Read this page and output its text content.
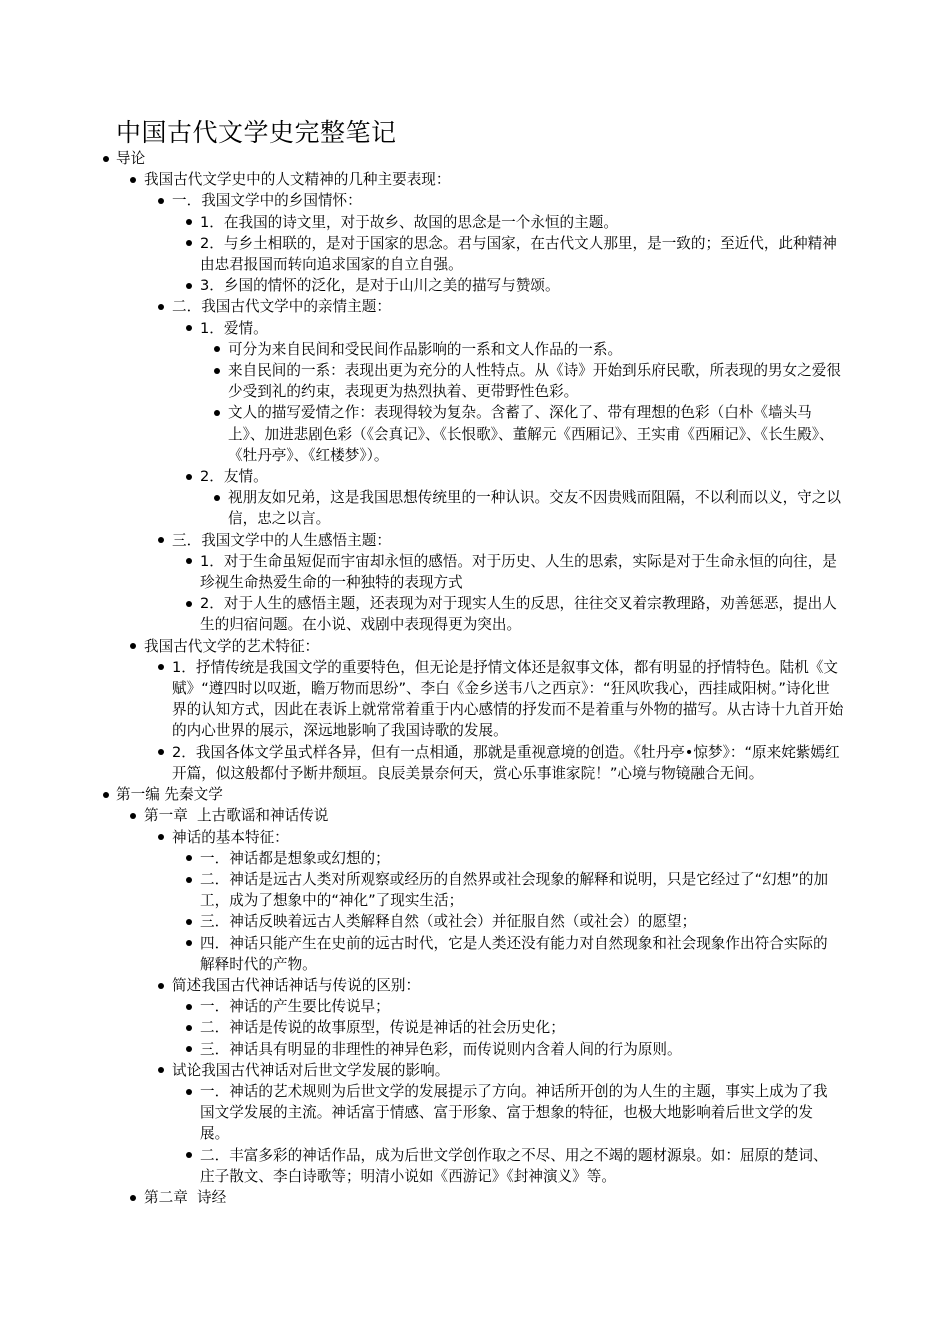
中国古代文学史完整笔记
导论
我国古代文学史中的人文精神的几种主要表现：
一．我国文学中的乡国情怀：
1．在我国的诗文里，对于故乡、故国的思念是一个永恒的主题。
2．与乡土相联的，是对于国家的思念。君与国家，在古代文人那里，是一致的；至近代，此种精神由忠君报国而转向追求国家的自立自强。
3．乡国的情怀的泛化，是对于山川之美的描写与赞颂。
二．我国古代文学中的亲情主题：
1．爱情。
可分为来自民间和受民间作品影响的一系和文人作品的一系。
来自民间的一系：表现出更为充分的人性特点。从《诗》开始到乐府民歌，所表现的男女之爱很少受到礼的约束，表现更为热烈执着、更带野性色彩。
文人的描写爱情之作：表现得较为复杂。含蓄了、深化了、带有理想的色彩（白朴《墙头马上》、加进悲剧色彩（《会真记》、《长恨歌》、董解元《西厢记》、王实甫《西厢记》、《长生殿》、《牡丹亭》、《红楼梦》）。
2．友情。
视朋友如兄弟，这是我国思想传统里的一种认识。交友不因贵贱而阻隔，不以利而以义，守之以信，忠之以言。
三．我国文学中的人生感悟主题：
1．对于生命虽短促而宇宙却永恒的感悟。对于历史、人生的思索，实际是对于生命永恒的向往，是珍视生命热爱生命的一种独特的表现方式
2．对于人生的感悟主题，还表现为对于现实人生的反思，往往交叉着宗教理路，劝善惩恶，提出人生的归宿问题。在小说、戏剧中表现得更为突出。
我国古代文学的艺术特征：
1．抒情传统是我国文学的重要特色，但无论是抒情文体还是叙事文体，都有明显的抒情特色。陆机《文赋》“遵四时以叹逝，瞻万物而思纷”、李白《金乡送韦八之西京》：“狂风吹我心，西挂咸阳树。”诗化世界的认知方式，因此在表诉上就常常着重于内心感情的抒发而不是着重与外物的描写。从古诗十九首开始的内心世界的展示，深远地影响了我国诗歌的发展。
2．我国各体文学虽式样各异，但有一点相通，那就是重视意境的创造。《牡丹亭•惊梦》：“原来姹紫嫣红开篇，似这般都付予断井颓垣。良辰美景奈何天，赏心乐事谁家院！”心境与物镜融合无间。
第一编 先秦文学
第一章  上古歌谣和神话传说
神话的基本特征：
一．神话都是想象或幻想的；
二．神话是远古人类对所观察或经历的自然界或社会现象的解释和说明，只是它经过了“幻想”的加工，成为了想象中的“神化”了现实生活；
三．神话反映着远古人类解释自然（或社会）并征服自然（或社会）的愿望；
四．神话只能产生在史前的远古时代，它是人类还没有能力对自然现象和社会现象作出符合实际的解释时代的产物。
简述我国古代神话神话与传说的区别：
一．神话的产生要比传说早；
二．神话是传说的故事原型，传说是神话的社会历史化；
三．神话具有明显的非理性的神异色彩，而传说则内含着人间的行为原则。
试论我国古代神话对后世文学发展的影响。
一．神话的艺术规则为后世文学的发展提示了方向。神话所开创的为人生的主题，事实上成为了我国文学发展的主流。神话富于情感、富于形象、富于想象的特征，也极大地影响着后世文学的发展。
二．丰富多彩的神话作品，成为后世文学创作取之不尽、用之不竭的题材源泉。如：屈原的楚词、庄子散文、李白诗歌等；明清小说如《西游记》《封神演义》等。
第二章  诗经
